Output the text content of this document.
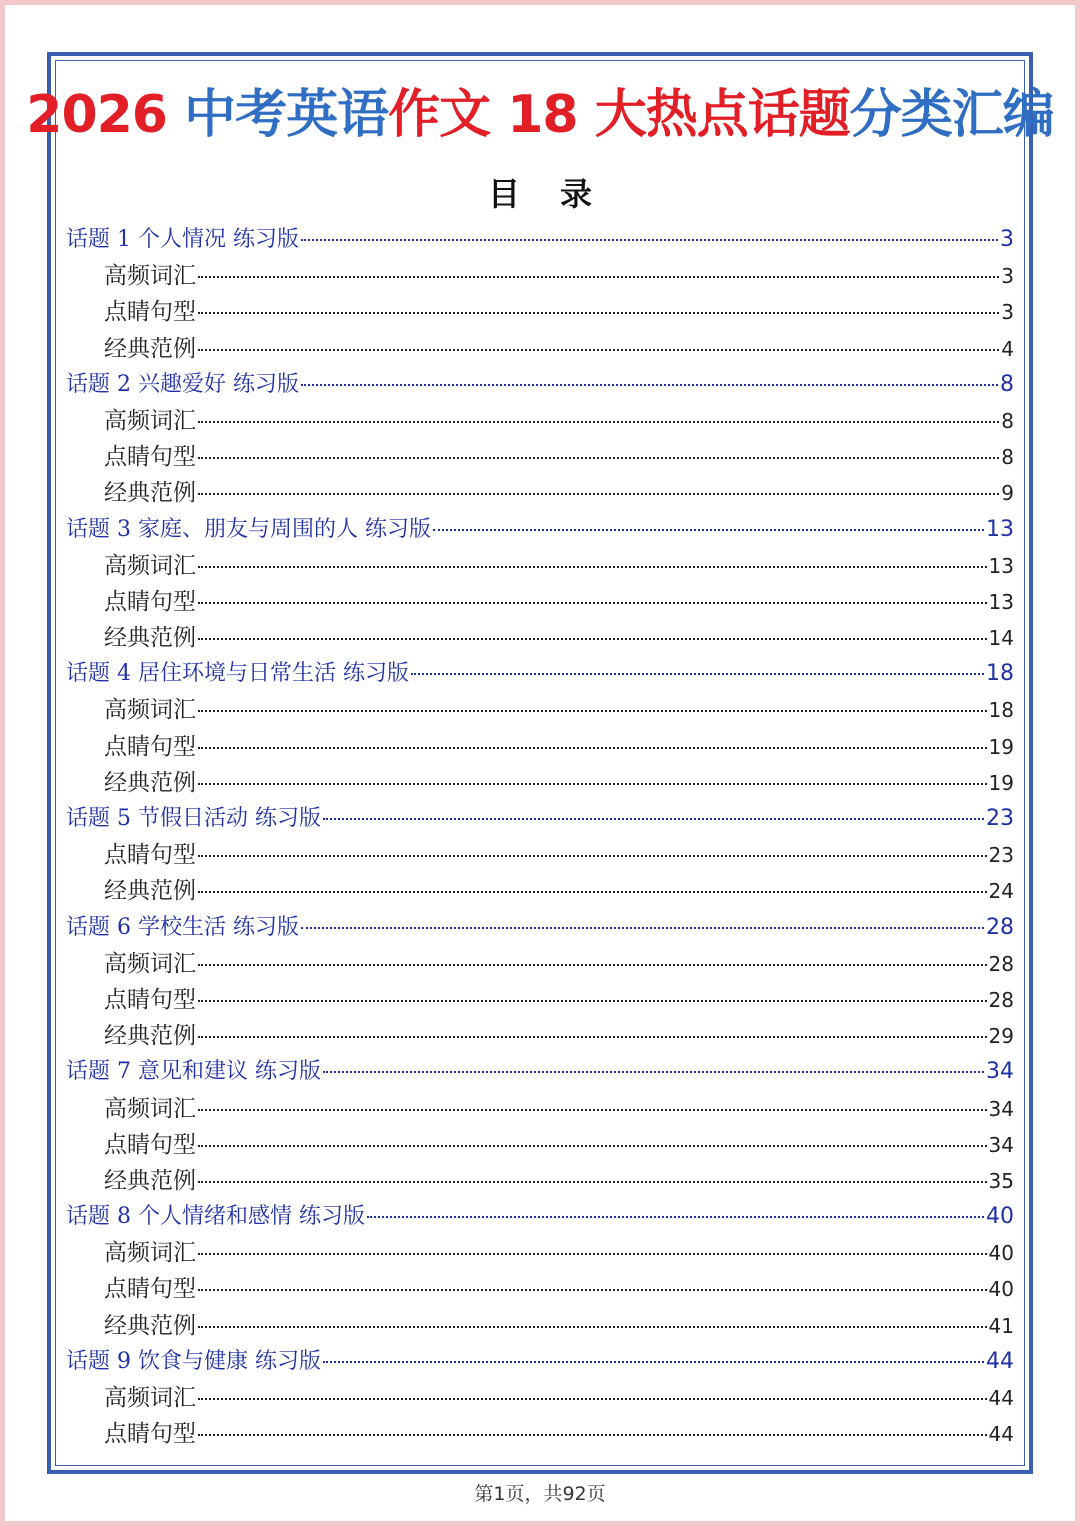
2026 中考英语作文 18 大热点话题分类汇编
目录
话题 1 个人情况 练习版	3
高频词汇	3
点睛句型	3
经典范例	4
话题 2 兴趣爱好 练习版	8
高频词汇	8
点睛句型	8
经典范例	9
话题 3 家庭、朋友与周围的人 练习版	13
高频词汇	13
点睛句型	13
经典范例	14
话题 4 居住环境与日常生活 练习版	18
高频词汇	18
点睛句型	19
经典范例	19
话题 5 节假日活动 练习版	23
点睛句型	23
经典范例	24
话题 6 学校生活 练习版	28
高频词汇	28
点睛句型	28
经典范例	29
话题 7 意见和建议 练习版	34
高频词汇	34
点睛句型	34
经典范例	35
话题 8 个人情绪和感情 练习版	40
高频词汇	40
点睛句型	40
经典范例	41
话题 9 饮食与健康 练习版	44
高频词汇	44
点睛句型	44
第1页，共92页
